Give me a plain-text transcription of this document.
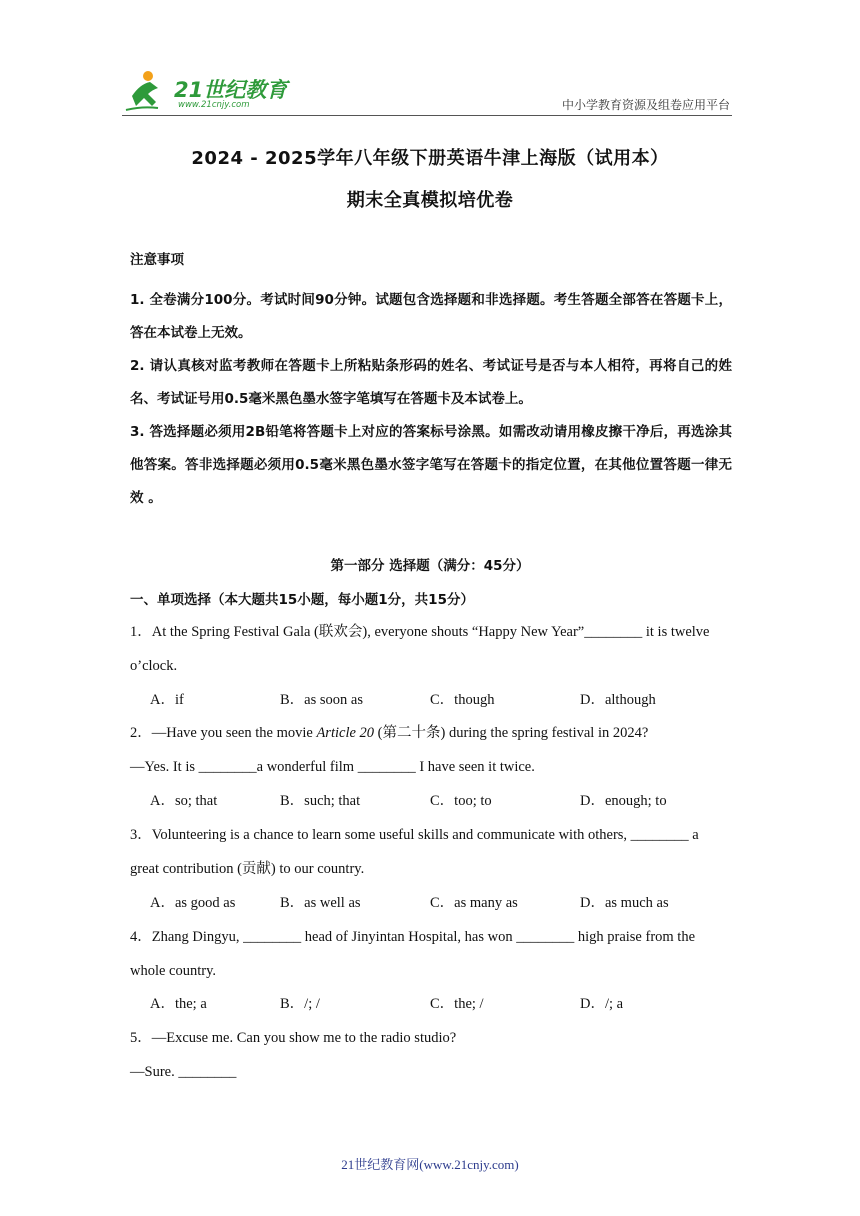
21世纪教育
www.21cnjy.com	中小学教育资源及组卷应用平台
2024 - 2025学年八年级下册英语牛津上海版（试用本）
期末全真模拟培优卷
注意事项

1. 全卷满分100分。考试时间90分钟。试题包含选择题和非选择题。考生答题全部答在答题卡上，答在本试卷上无效。

2. 请认真核对监考教师在答题卡上所粘贴条形码的姓名、考试证号是否与本人相符，再将自己的姓名、考试证号用0.5毫米黑色墨水签字笔填写在答题卡及本试卷上。

3. 答选择题必须用2B铅笔将答题卡上对应的答案标号涂黑。如需改动请用橡皮擦干净后，再选涂其他答案。答非选择题必须用0.5毫米黑色墨水签字笔写在答题卡的指定位置，在其他位置答题一律无效 。

第一部分 选择题（满分：45分）
一、单项选择（本大题共15小题，每小题1分，共15分）
1．At the Spring Festival Gala (联欢会), everyone shouts “Happy New Year”________ it is twelve
o’clock.
A．if	B．as soon as	C．though	D．although
2．—Have you seen the movie Article 20 (第二十条) during the spring festival in 2024?
—Yes. It is ________a wonderful film ________ I have seen it twice.
A．so; that	B．such; that	C．too; to	D．enough; to
3．Volunteering is a chance to learn some useful skills and communicate with others, ________ a
great contribution (贡献) to our country.
A．as good as	B．as well as	C．as many as	D．as much as
4．Zhang Dingyu, ________ head of Jinyintan Hospital, has won ________ high praise from the
whole country.
A．the; a	B．/; /	C．the; /	D．/; a
5．—Excuse me. Can you show me to the radio studio?
—Sure. ________
21世纪教育网(www.21cnjy.com)
